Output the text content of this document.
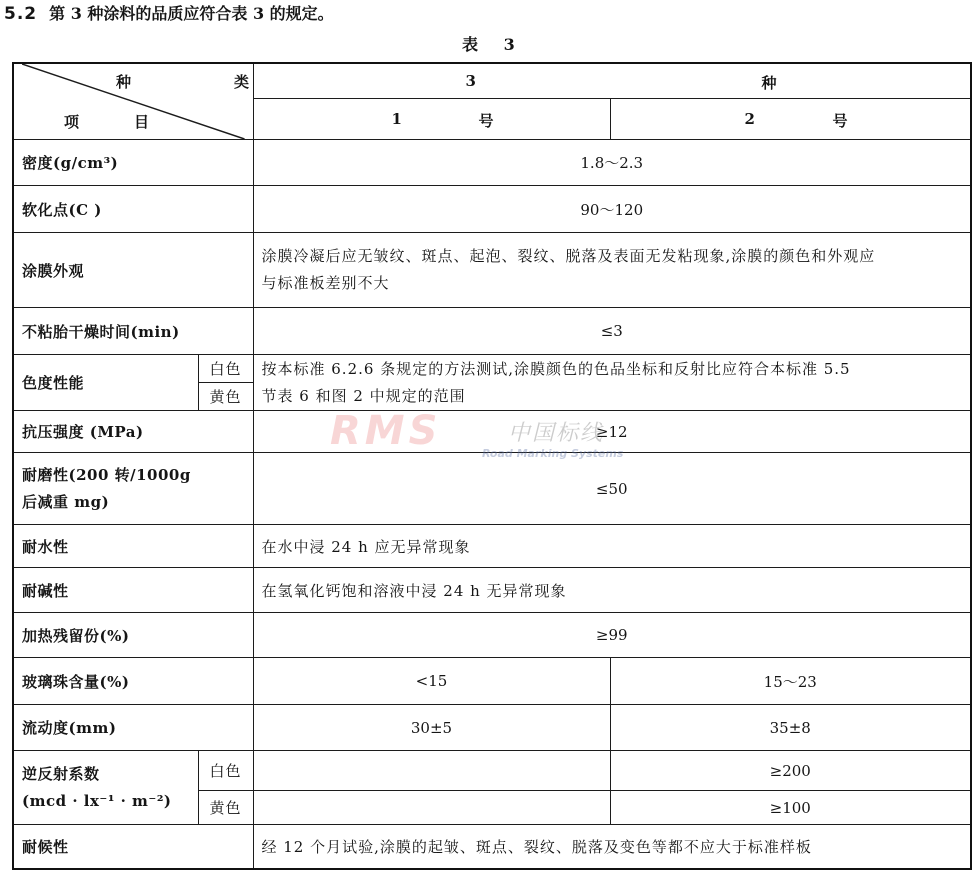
5.2 第 3 种涂料的品质应符合表 3 的规定。
表 3
种 类
项 目		3 种	

		1 号	2 号

密度(g/cm³)		1.8～2.3	
软化点(C )		90～120	
涂膜外观		涂膜冷凝后应无皱纹、斑点、起泡、裂纹、脱落及表面无发粘现象,涂膜的颜色和外观应
与标准板差别不大	

不粘胎干燥时间(min)		≤3	
色度性能	白色	按本标准 6.2.6 条规定的方法测试,涂膜颜色的色品坐标和反射比应符合本标准 5.5
节表 6 和图 2 中规定的范围	

	黄色		
抗压强度 (MPa)		≥12	

耐磨性(200 转/1000g
后减重 mg)		≤50	
耐水性		在水中浸 24 h 应无异常现象	
耐碱性		在氢氧化钙饱和溶液中浸 24 h 无异常现象	
加热残留份(%)		≥99	
玻璃珠含量(%)		<15	15～23
流动度(mm)		30±5	35±8

逆反射系数
(mcd · lx⁻¹ · m⁻²)	白色		≥200
	黄色		≥100
耐候性		经 12 个月试验,涂膜的起皱、斑点、裂纹、脱落及变色等都不应大于标准样板	
RMS	中国标线
Road Marking Systems
